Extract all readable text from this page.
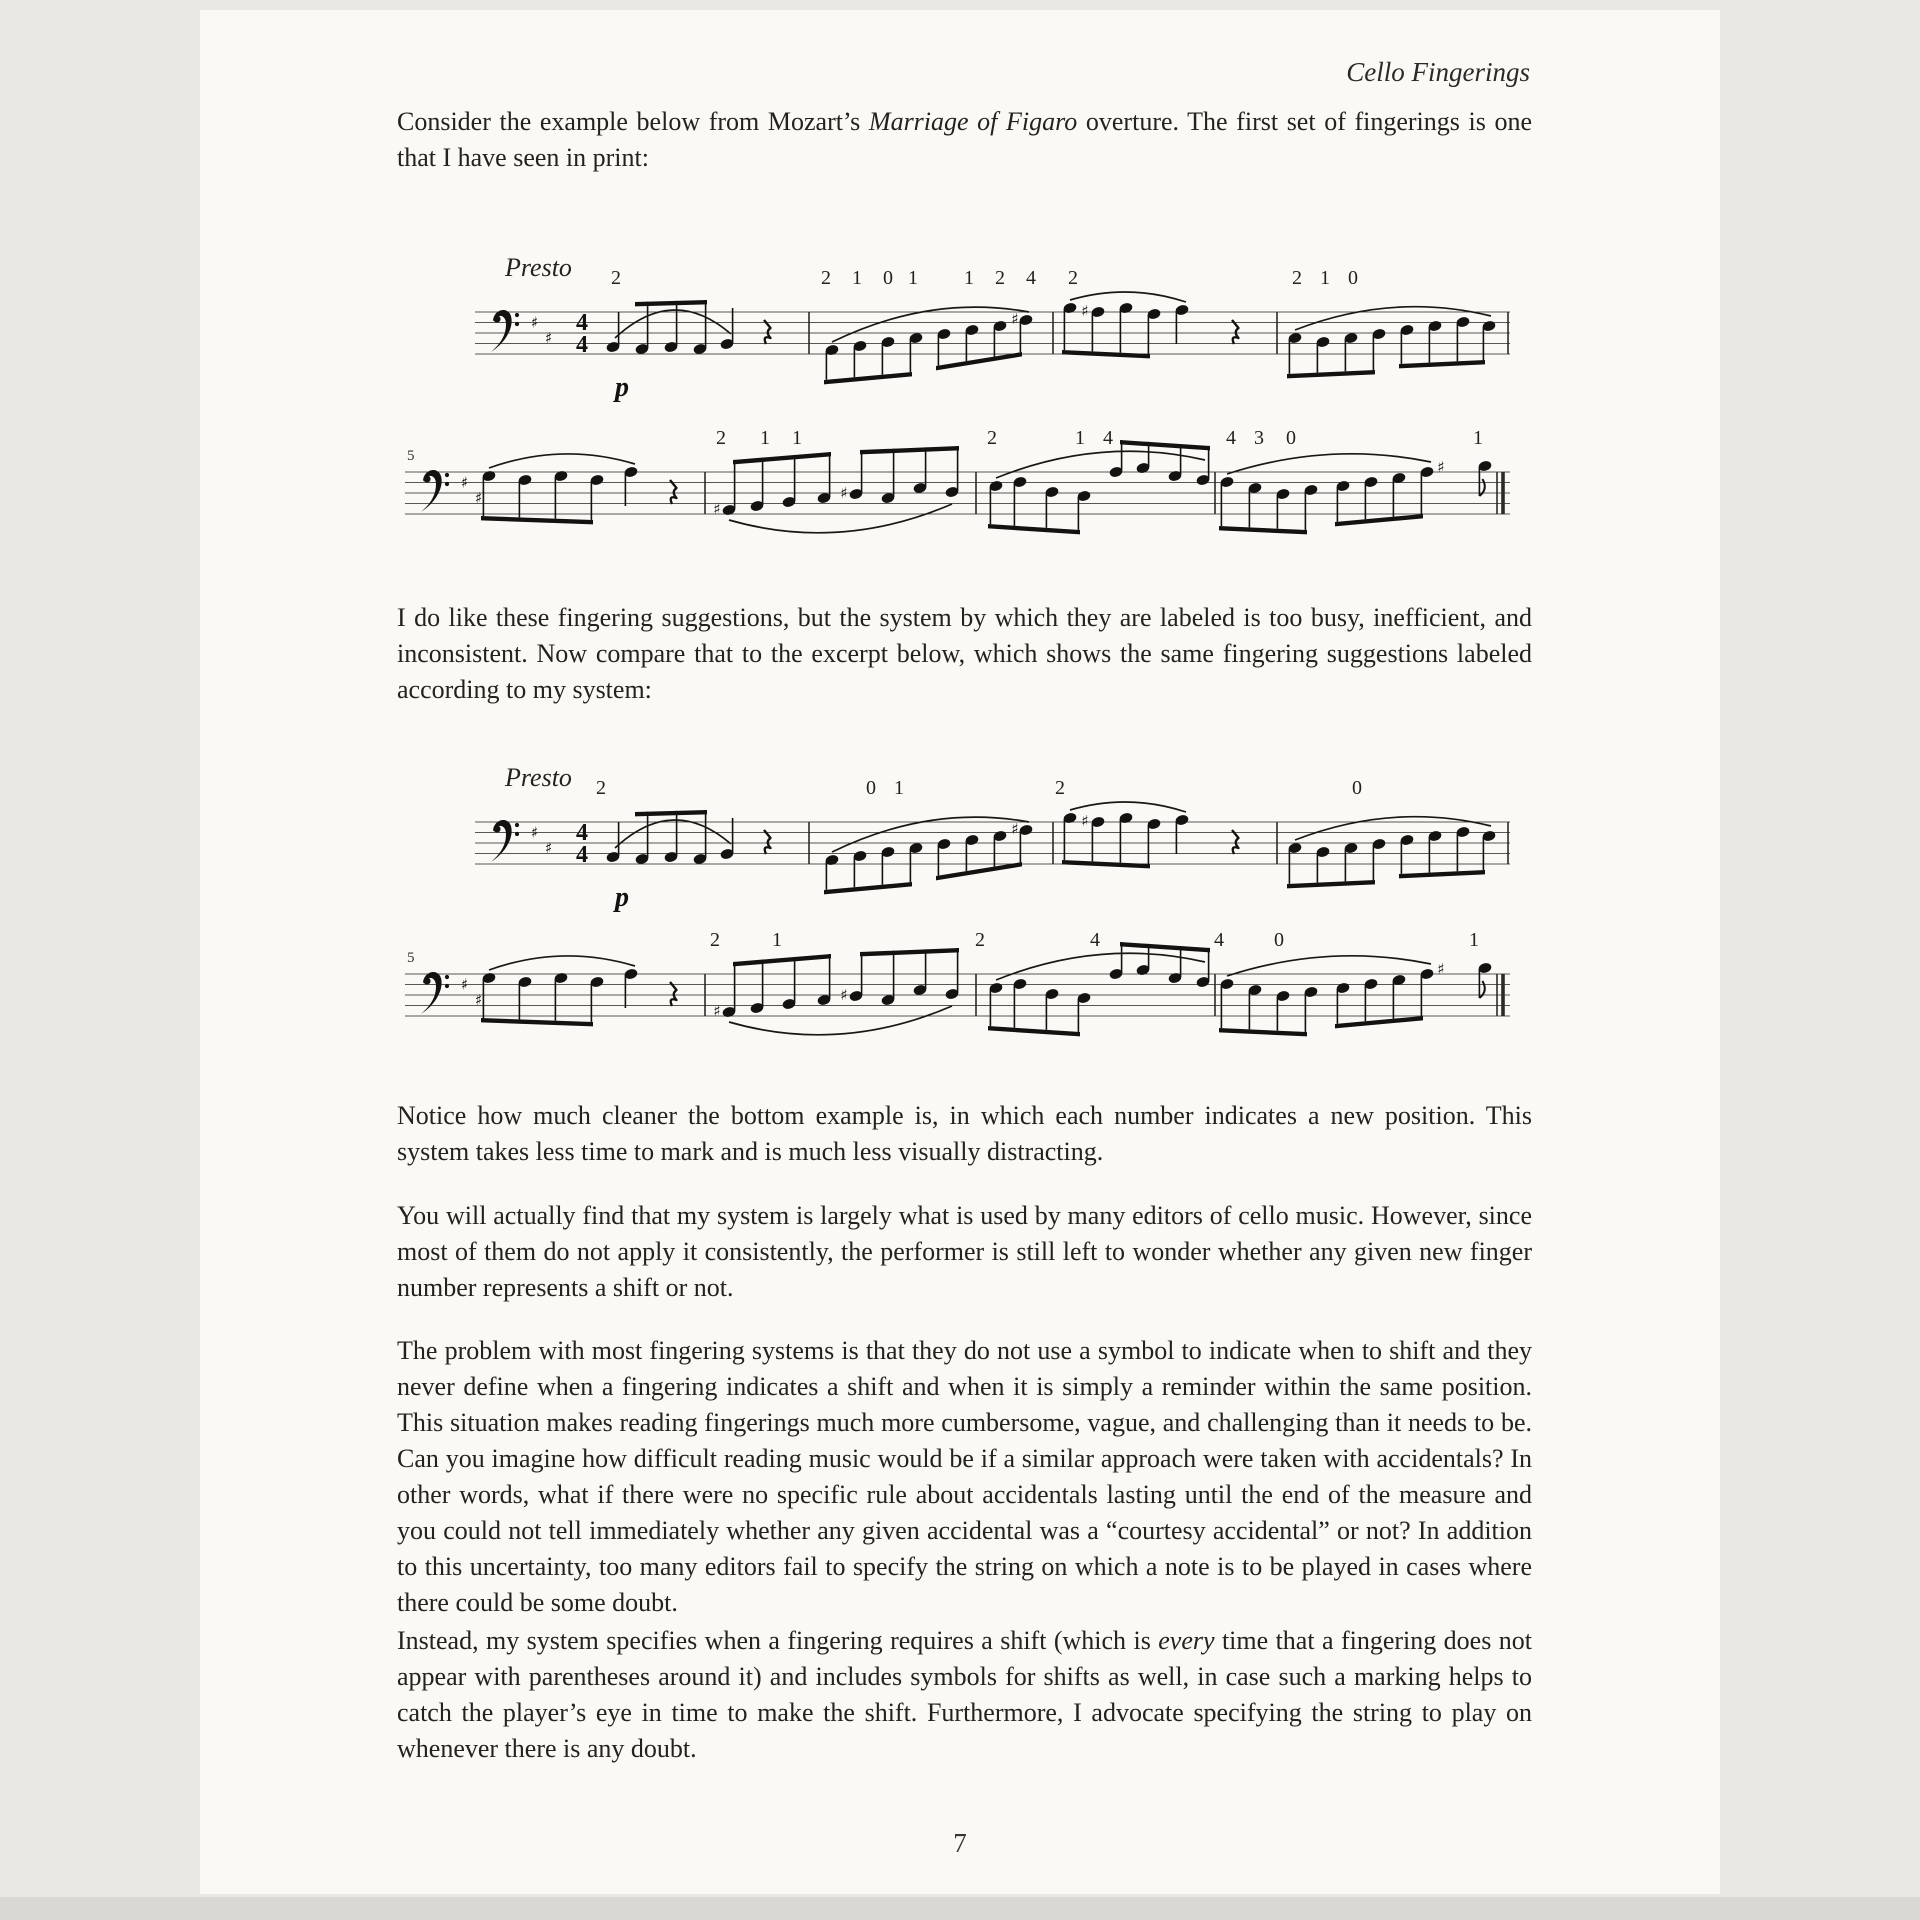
Cello Fingerings

Consider the example below from Mozart’s Marriage of Figaro overture. The first set of fingerings is one that I have seen in print:

♯
♯
4
4
♯	♯
2	2 1 0 1 1 2 4 2	2 1 0
Presto
p
♯
♯
♯
♯
♯
2 1 1	2	1 4	4 3 0	1
5

I do like these fingering suggestions, but the system by which they are labeled is too busy, inefficient, and inconsistent. Now compare that to the excerpt below, which shows the same fingering suggestions labeled according to my system:

♯
♯
4
4
♯	♯
2	0 1	2	0
Presto
p
♯
♯
♯
♯
♯
2	1	2	4	4	0	1
5

Notice how much cleaner the bottom example is, in which each number indicates a new position. This system takes less time to mark and is much less visually distracting.

You will actually find that my system is largely what is used by many editors of cello music. However, since most of them do not apply it consistently, the performer is still left to wonder whether any given new finger number represents a shift or not.

The problem with most fingering systems is that they do not use a symbol to indicate when to shift and they never define when a fingering indicates a shift and when it is simply a reminder within the same position. This situation makes reading fingerings much more cumbersome, vague, and challenging than it needs to be. Can you imagine how difficult reading music would be if a similar approach were taken with accidentals? In other words, what if there were no specific rule about accidentals lasting until the end of the measure and you could not tell immediately whether any given accidental was a “courtesy accidental” or not? In addition to this uncertainty, too many editors fail to specify the string on which a note is to be played in cases where there could be some doubt.

Instead, my system specifies when a fingering requires a shift (which is every time that a fingering does not appear with parentheses around it) and includes symbols for shifts as well, in case such a marking helps to catch the player’s eye in time to make the shift. Furthermore, I advocate specifying the string to play on whenever there is any doubt.

7
